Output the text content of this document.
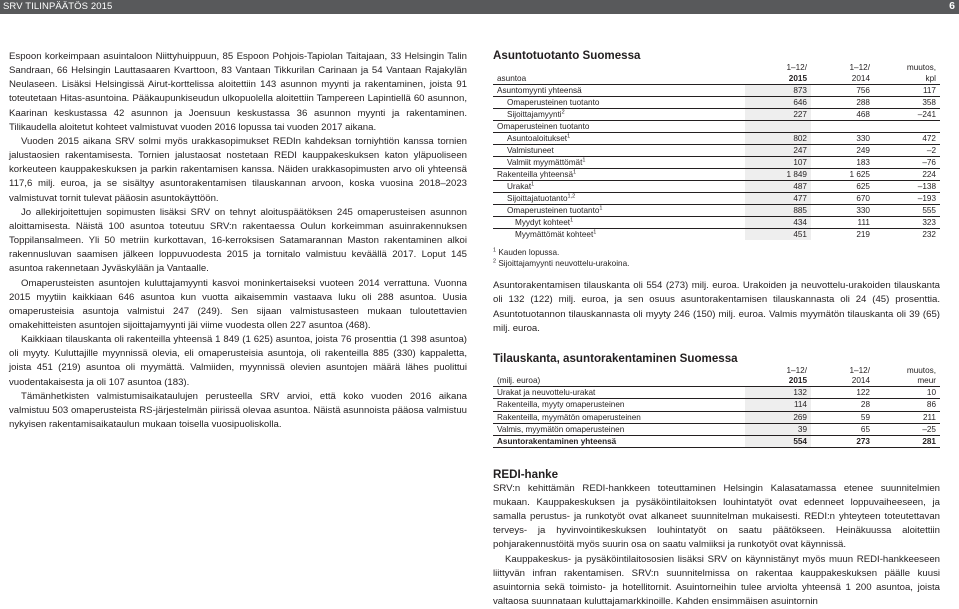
SRV TILINPÄÄTÖS 2015	6

Espoon korkeimpaan asuintaloon Niittyhuippuun, 85 Espoon Pohjois-Tapiolan Taitajaan, 33 Helsingin Talin Sandraan, 66 Helsingin Lauttasaaren Kvarttoon, 83 Vantaan Tikkurilan Carinaan ja 54 Vantaan Rajakylän Neulaseen. Lisäksi Helsingissä Airut-korttelissa aloitettiin 143 asunnon myynti ja rakentaminen, joista 91 toteutetaan Hitas-asuntoina. Pääkaupunkiseudun ulkopuolella aloitettiin Tampereen Lapintiellä 60 asunnon, Kaarinan keskustassa 42 asunnon ja Joensuun keskustassa 36 asunnon myynti ja rakentaminen. Tilikaudella aloitetut kohteet valmistuvat vuoden 2016 lopussa tai vuoden 2017 aikana.

Vuoden 2015 aikana SRV solmi myös urakkasopimukset REDIn kahdeksan torniyhtiön kanssa tornien jalustaosien rakentamisesta. Tornien jalustaosat nostetaan REDI kauppakeskuksen katon yläpuoliseen korkeuteen kauppakeskuksen ja parkin rakentamisen kanssa. Näiden urakkasopimusten arvo oli yhteensä 117,6 milj. euroa, ja se sisältyy asuntorakentamisen tilauskannan arvoon, koska vuosina 2018–2023 valmistuvat tornit tulevat pääosin asuntokäyttöön.

Jo allekirjoitettujen sopimusten lisäksi SRV on tehnyt aloituspäätöksen 245 omaperusteisen asunnon aloittamisesta. Näistä 100 asuntoa toteutuu SRV:n rakentaessa Oulun korkeimman asuinrakennuksen Toppilansalmeen. Yli 50 metriin kurkottavan, 16-kerroksisen Satamarannan Maston rakentaminen alkoi rakennusluvan saamisen jälkeen loppuvuodesta 2015 ja tornitalo valmistuu keväällä 2017. Loput 145 asuntoa rakennetaan Jyväskylään ja Vantaalle.

Omaperusteisten asuntojen kuluttajamyynti kasvoi moninkertaiseksi vuoteen 2014 verrattuna. Vuonna 2015 myytiin kaikkiaan 646 asuntoa kun vuotta aikaisemmin vastaava luku oli 288 asuntoa. Uusia omaperusteisia asuntoja valmistui 247 (249). Sen sijaan valmistusasteen mukaan tuloutettavien omakehitteisten asuntojen sijoittajamyynti jäi viime vuodesta ollen 227 asuntoa (468).

Kaikkiaan tilauskanta oli rakenteilla yhteensä 1 849 (1 625) asuntoa, joista 76 prosenttia (1 398 asuntoa) oli myyty. Kuluttajille myynnissä olevia, eli omaperusteisia asuntoja, oli rakenteilla 885 (330) kappaletta, joista 451 (219) asuntoa oli myymättä. Valmiiden, myynnissä olevien asuntojen määrä lähes puolittui vuodentakaisesta ja oli 107 asuntoa (183).

Tämänhetkisten valmistumisaikataulujen perusteella SRV arvioi, että koko vuoden 2016 aikana valmistuu 503 omaperusteista RS-järjestelmän piirissä olevaa asuntoa. Näistä asunnoista pääosa valmistuu nykyisen rakentamisaikataulun mukaan toisella vuosipuoliskolla.

Asuntotuotanto Suomessa
	1–12/	1–12/	muutos,
asuntoa	2015	2014	kpl
Asuntomyynti yhteensä	873	756	117
Omaperusteinen tuotanto	646	288	358
Sijoittajamyynti$^2$	227	468	–241
Omaperusteinen tuotanto			
Asuntoaloitukset$^1$	802	330	472
Valmistuneet	247	249	–2
Valmiit myymättömät$^1$	107	183	–76
Rakenteilla yhteensä$^1$	1 849	1 625	224
Urakat$^1$	487	625	–138
Sijoittajatuotanto$^{1,2}$	477	670	–193
Omaperusteinen tuotanto$^1$	885	330	555
Myydyt kohteet$^1$	434	111	323
Myymättömät kohteet$^1$	451	219	232
$^1$ Kauden lopussa.
$^2$ Sijoittajamyynti neuvottelu-urakoina.

Asuntorakentamisen tilauskanta oli 554 (273) milj. euroa. Urakoiden ja neuvottelu-urakoiden tilauskanta oli 132 (122) milj. euroa, ja sen osuus asuntorakentamisen tilauskannasta oli 24 (45) prosenttia. Asuntotuotannon tilauskannasta oli myyty 246 (150) milj. euroa. Valmis myymätön tilauskanta oli 39 (65) milj. euroa.

Tilauskanta, asuntorakentaminen Suomessa
	1–12/	1–12/	muutos,
(milj. euroa)	2015	2014	meur
Urakat ja neuvottelu-urakat	132	122	10
Rakenteilla, myyty omaperusteinen	114	28	86
Rakenteilla, myymätön omaperusteinen	269	59	211
Valmis, myymätön omaperusteinen	39	65	–25
Asuntorakentaminen yhteensä	554	273	281
REDI-hanke

SRV:n kehittämän REDI-hankkeen toteuttaminen Helsingin Kalasatamassa etenee suunnitelmien mukaan. Kauppakeskuksen ja pysäköintilaitoksen louhintatyöt ovat edenneet loppuvaiheeseen, ja samalla perustus- ja runkotyöt ovat alkaneet suunnitelman mukaisesti. REDI:n yhteyteen toteutettavan terveys- ja hyvinvointikeskuksen louhintatyöt on saatu päätökseen. Heinäkuussa aloitettiin pohjarakennustöitä myös suurin osa on saatu valmiiksi ja runkotyöt ovat käynnissä.

Kauppakeskus- ja pysäköintilaitososien lisäksi SRV on käynnistänyt myös muun REDI-hankkeeseen liittyvän infran rakentamisen. SRV:n suunnitelmissa on rakentaa kauppakeskuksen päälle kuusi asuintornia sekä toimisto- ja hotellitornit. Asuintorneihin tulee arviolta yhteensä 1 200 asuntoa, joista valtaosa suunnataan kuluttajamarkkinoille. Kahden ensimmäisen asuintornin
